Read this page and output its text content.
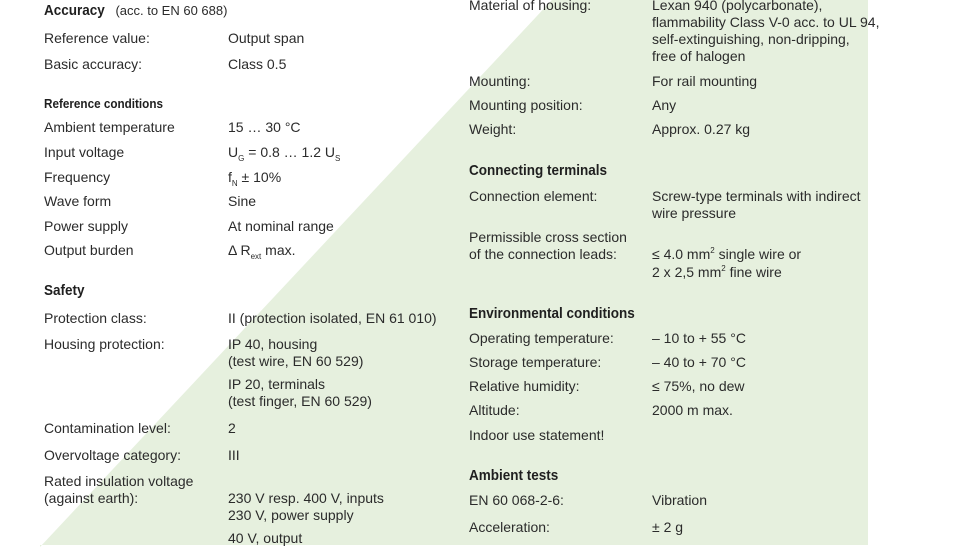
Accuracy (acc. to EN 60 688)
Reference value:	Output span
Basic accuracy:	Class 0.5
Reference conditions
Ambient temperature	15 … 30 °C
Input voltage	$U_G = 0.8$ … 1.2 $U_S$
Frequency	$f_N \pm 10\%$
Wave form	Sine
Power supply	At nominal range
Output burden	Δ $R_{ext}$ max.
Safety
Protection class:	II (protection isolated, EN 61 010)
Housing protection:	IP 40, housing
(test wire, EN 60 529)
IP 20, terminals
(test finger, EN 60 529)
Contamination level:	2
Overvoltage category:	III
Rated insulation voltage
(against earth):	230 V resp. 400 V, inputs
230 V, power supply
40 V, output
Material of housing:	Lexan 940 (polycarbonate),
flammability Class V-0 acc. to UL 94,
self-extinguishing, non-dripping,
free of halogen
Mounting:	For rail mounting
Mounting position:	Any
Weight:	Approx. 0.27 kg
Connecting terminals
Connection element:	Screw-type terminals with indirect
wire pressure
Permissible cross section
of the connection leads:	≤ 4.0 $mm^2$ single wire or
2 x 2,5 $mm^2$ fine wire
Environmental conditions
Operating temperature:	– 10 to + 55 °C
Storage temperature:	– 40 to + 70 °C
Relative humidity:	≤ 75%, no dew
Altitude:	2000 m max.
Indoor use statement!
Ambient tests
EN 60 068-2-6:	Vibration
Acceleration:	± 2 g
